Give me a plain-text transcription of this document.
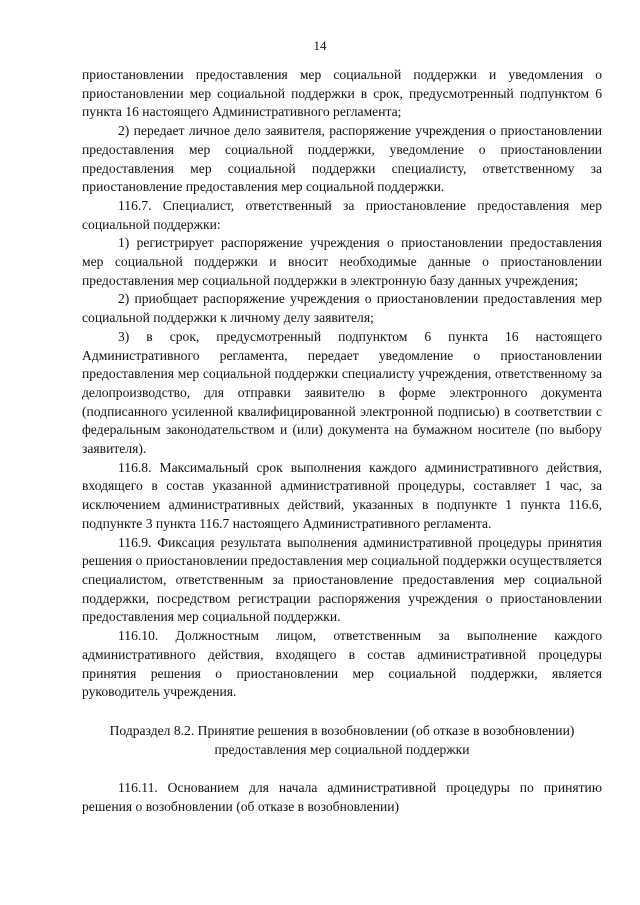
14

приостановлении предоставления мер социальной поддержки и уведомления о приостановлении мер социальной поддержки в срок, предусмотренный подпунктом 6 пункта 16 настоящего Административного регламента;

2) передает личное дело заявителя, распоряжение учреждения о приостановлении предоставления мер социальной поддержки, уведомление о приостановлении предоставления мер социальной поддержки специалисту, ответственному за приостановление предоставления мер социальной поддержки.

116.7. Специалист, ответственный за приостановление предоставления мер социальной поддержки:

1) регистрирует распоряжение учреждения о приостановлении предоставления мер социальной поддержки и вносит необходимые данные о приостановлении предоставления мер социальной поддержки в электронную базу данных учреждения;

2) приобщает распоряжение учреждения о приостановлении предоставления мер социальной поддержки к личному делу заявителя;

3) в срок, предусмотренный подпунктом 6 пункта 16 настоящего Административного регламента, передает уведомление о приостановлении предоставления мер социальной поддержки специалисту учреждения, ответственному за делопроизводство, для отправки заявителю в форме электронного документа (подписанного усиленной квалифицированной электронной подписью) в соответствии с федеральным законодательством и (или) документа на бумажном носителе (по выбору заявителя).

116.8. Максимальный срок выполнения каждого административного действия, входящего в состав указанной административной процедуры, составляет 1 час, за исключением административных действий, указанных в подпункте 1 пункта 116.6, подпункте 3 пункта 116.7 настоящего Административного регламента.

116.9. Фиксация результата выполнения административной процедуры принятия решения о приостановлении предоставления мер социальной поддержки осуществляется специалистом, ответственным за приостановление предоставления мер социальной поддержки, посредством регистрации распоряжения учреждения о приостановлении предоставления мер социальной поддержки.

116.10. Должностным лицом, ответственным за выполнение каждого административного действия, входящего в состав административной процедуры принятия решения о приостановлении мер социальной поддержки, является руководитель учреждения.

Подраздел 8.2. Принятие решения в возобновлении (об отказе в возобновлении) предоставления мер социальной поддержки

116.11. Основанием для начала административной процедуры по принятию решения о возобновлении (об отказе в возобновлении)
